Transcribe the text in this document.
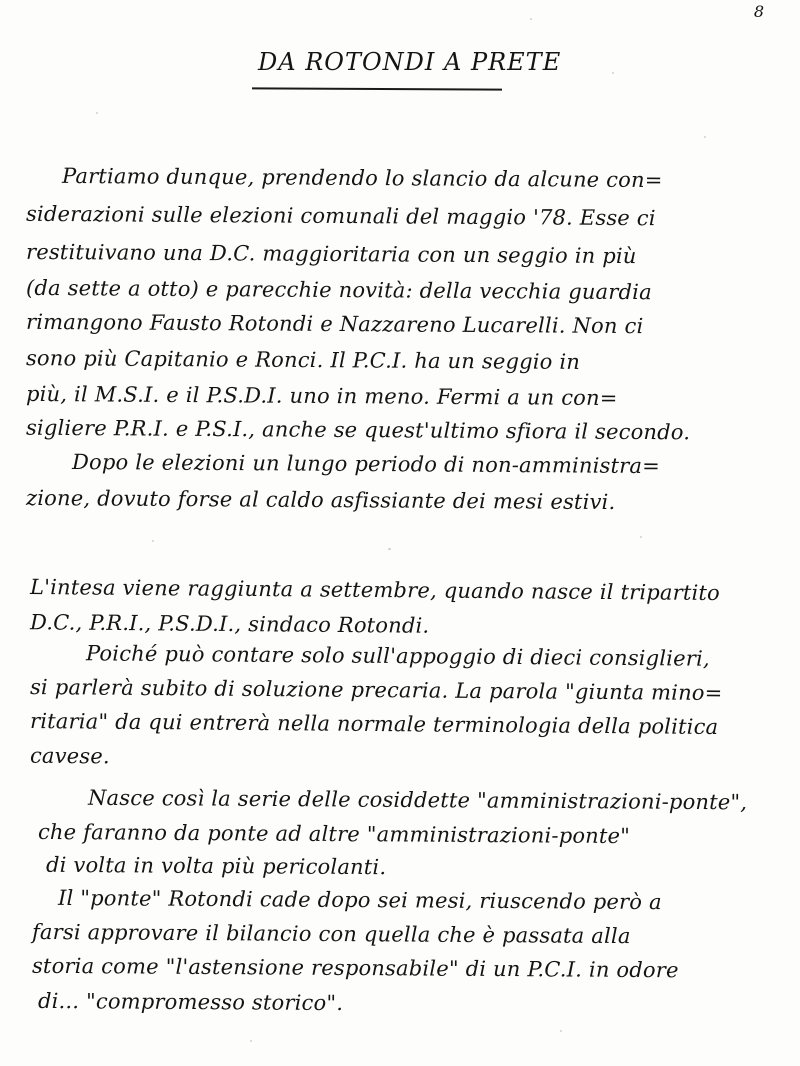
8
DA ROTONDI A PRETE
Partiamo dunque, prendendo lo slancio da alcune con=
siderazioni sulle elezioni comunali del maggio '78. Esse ci
restituivano una D.C. maggioritaria con un seggio in più
(da sette a otto) e parecchie novità: della vecchia guardia
rimangono Fausto Rotondi e Nazzareno Lucarelli. Non ci
sono più Capitanio e Ronci. Il P.C.I. ha un seggio in
più, il M.S.I. e il P.S.D.I. uno in meno. Fermi a un con=
sigliere P.R.I. e P.S.I., anche se quest'ultimo sfiora il secondo.
Dopo le elezioni un lungo periodo di non-amministra=
zione, dovuto forse al caldo asfissiante dei mesi estivi.
L'intesa viene raggiunta a settembre, quando nasce il tripartito
D.C., P.R.I., P.S.D.I., sindaco Rotondi.
Poiché può contare solo sull'appoggio di dieci consiglieri,
si parlerà subito di soluzione precaria. La parola "giunta mino=
ritaria" da qui entrerà nella normale terminologia della politica
cavese.
Nasce così la serie delle cosiddette "amministrazioni-ponte",
che faranno da ponte ad altre "amministrazioni-ponte"
di volta in volta più pericolanti.
Il "ponte" Rotondi cade dopo sei mesi, riuscendo però a
farsi approvare il bilancio con quella che è passata alla
storia come "l'astensione responsabile" di un P.C.I. in odore
di... "compromesso storico".
